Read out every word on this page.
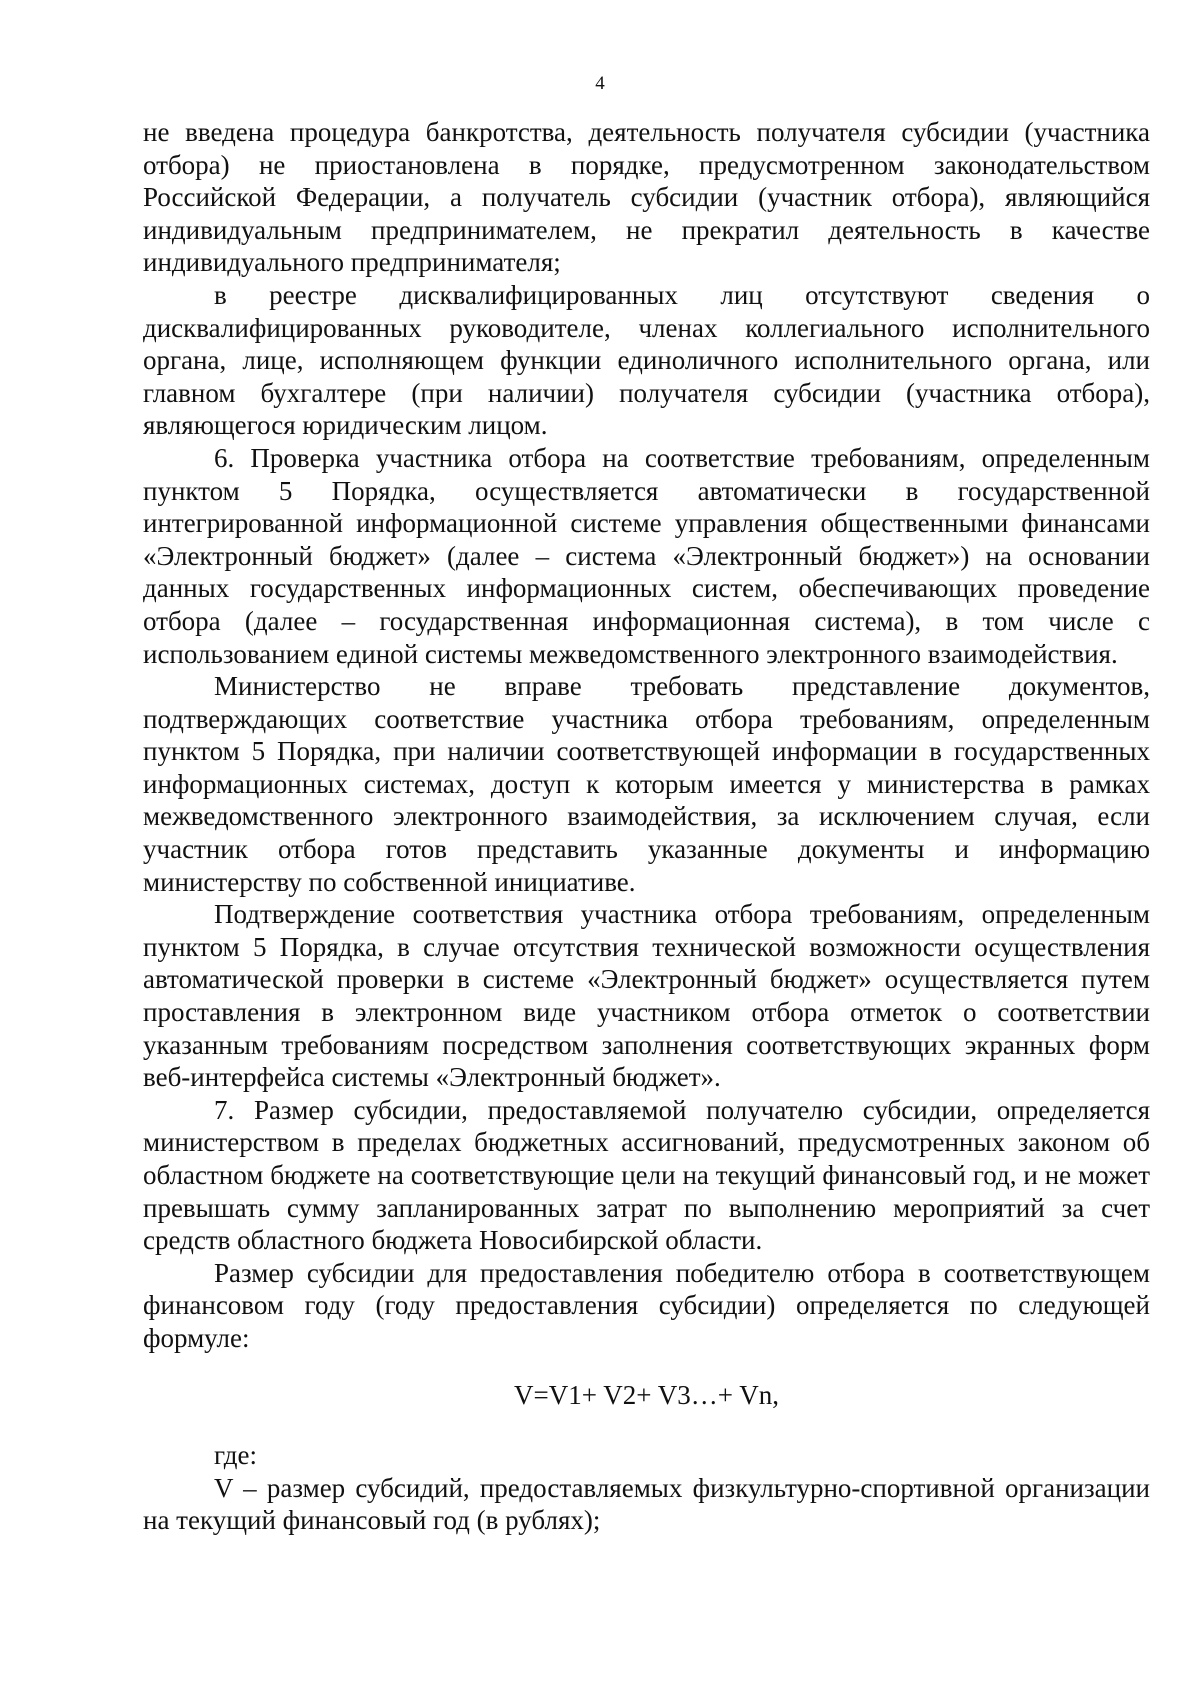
4

не введена процедура банкротства, деятельность получателя субсидии (участника отбора) не приостановлена в порядке, предусмотренном законодательством Российской Федерации, а получатель субсидии (участник отбора), являющийся индивидуальным предпринимателем, не прекратил деятельность в качестве индивидуального предпринимателя;

в реестре дисквалифицированных лиц отсутствуют сведения о дисквалифицированных руководителе, членах коллегиального исполнительного органа, лице, исполняющем функции единоличного исполнительного органа, или главном бухгалтере (при наличии) получателя субсидии (участника отбора), являющегося юридическим лицом.

6. Проверка участника отбора на соответствие требованиям, определенным пунктом 5 Порядка, осуществляется автоматически в государственной интегрированной информационной системе управления общественными финансами «Электронный бюджет» (далее – система «Электронный бюджет») на основании данных государственных информационных систем, обеспечивающих проведение отбора (далее – государственная информационная система), в том числе с использованием единой системы межведомственного электронного взаимодействия.

Министерство не вправе требовать представление документов, подтверждающих соответствие участника отбора требованиям, определенным пунктом 5 Порядка, при наличии соответствующей информации в государственных информационных системах, доступ к которым имеется у министерства в рамках межведомственного электронного взаимодействия, за исключением случая, если участник отбора готов представить указанные документы и информацию министерству по собственной инициативе.

Подтверждение соответствия участника отбора требованиям, определенным пунктом 5 Порядка, в случае отсутствия технической возможности осуществления автоматической проверки в системе «Электронный бюджет» осуществляется путем проставления в электронном виде участником отбора отметок о соответствии указанным требованиям посредством заполнения соответствующих экранных форм веб-интерфейса системы «Электронный бюджет».

7. Размер субсидии, предоставляемой получателю субсидии, определяется министерством в пределах бюджетных ассигнований, предусмотренных законом об областном бюджете на соответствующие цели на текущий финансовый год, и не может превышать сумму запланированных затрат по выполнению мероприятий за счет средств областного бюджета Новосибирской области.

Размер субсидии для предоставления победителю отбора в соответствующем финансовом году (году предоставления субсидии) определяется по следующей формуле:

V=V1+ V2+ V3…+ Vn,

где:

V – размер субсидий, предоставляемых физкультурно-спортивной организации на текущий финансовый год (в рублях);
